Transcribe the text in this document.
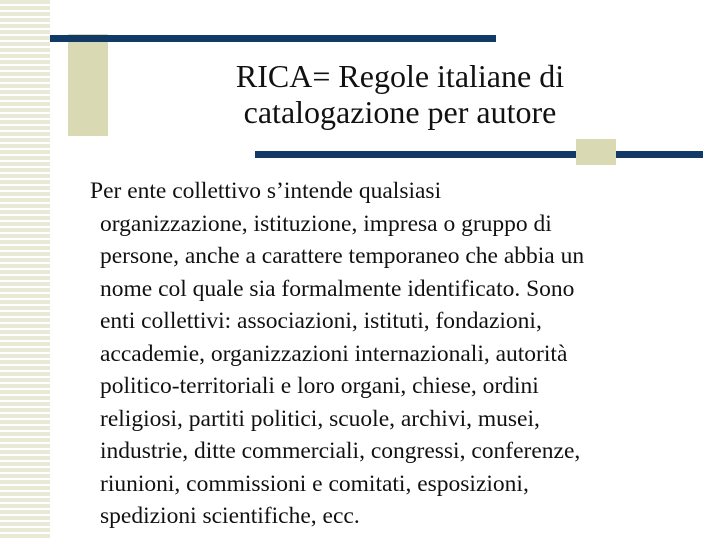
RICA= Regole italiane di
catalogazione per autore
Per ente collettivo s’intende qualsiasi
organizzazione, istituzione, impresa o gruppo di
persone, anche a carattere temporaneo che abbia un
nome col quale sia formalmente identificato. Sono
enti collettivi: associazioni, istituti, fondazioni,
accademie, organizzazioni internazionali, autorità
politico-territoriali e loro organi, chiese, ordini
religiosi, partiti politici, scuole, archivi, musei,
industrie, ditte commerciali, congressi, conferenze,
riunioni, commissioni e comitati, esposizioni,
spedizioni scientifiche, ecc.
